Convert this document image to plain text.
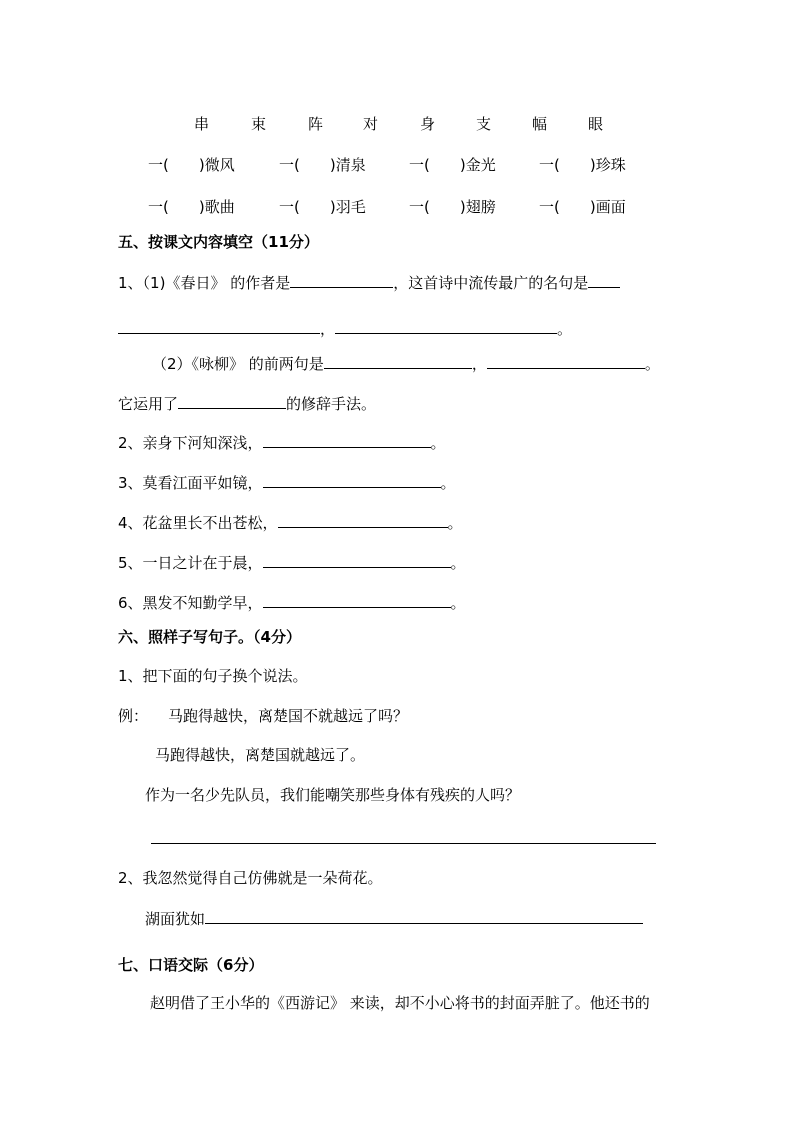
串	束	阵	对	身	支	幅	眼
一(　　)微风	一(　　)清泉	一(　　)金光	一(　　)珍珠
一(　　)歌曲	一(　　)羽毛	一(　　)翅膀	一(　　)画面
五、按课文内容填空（11分）
1、（1)《春日》 的作者是	，这首诗中流传最广的名句是
，	。
（2）《咏柳》 的前两句是	，	。
它运用了	的修辞手法。
2、亲身下河知深浅，	。
3、莫看江面平如镜，	。
4、花盆里长不出苍松，	。
5、一日之计在于晨，	。
6、黑发不知勤学早，	。
六、照样子写句子。（4分）
1、把下面的句子换个说法。
例： 马跑得越快，离楚国不就越远了吗？
马跑得越快，离楚国就越远了。
作为一名少先队员，我们能嘲笑那些身体有残疾的人吗？
2、我忽然觉得自己仿佛就是一朵荷花。
湖面犹如
七、口语交际（6分）
赵明借了王小华的《西游记》 来读，却不小心将书的封面弄脏了。他还书的
